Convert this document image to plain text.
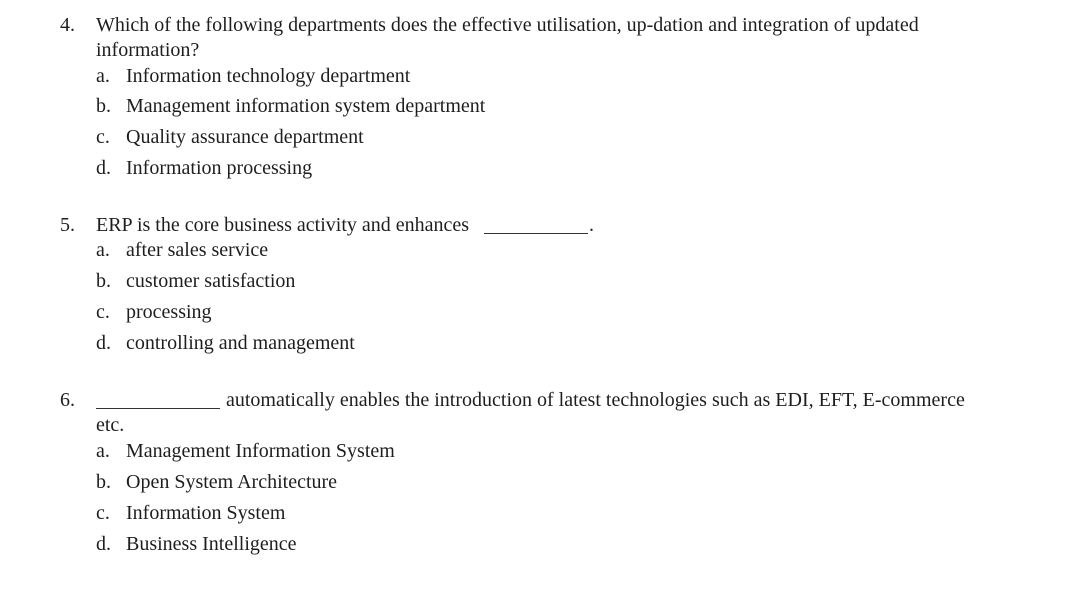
4. Which of the following departments does the effective utilisation, up-dation and integration of updated
information?
a. Information technology department
b. Management information system department
c. Quality assurance department
d. Information processing
5. ERP is the core business activity and enhances	.
a. after sales service
b. customer satisfaction
c. processing
d. controlling and management
6.	automatically enables the introduction of latest technologies such as EDI, EFT, E-commerce
etc.
a. Management Information System
b. Open System Architecture
c. Information System
d. Business Intelligence
